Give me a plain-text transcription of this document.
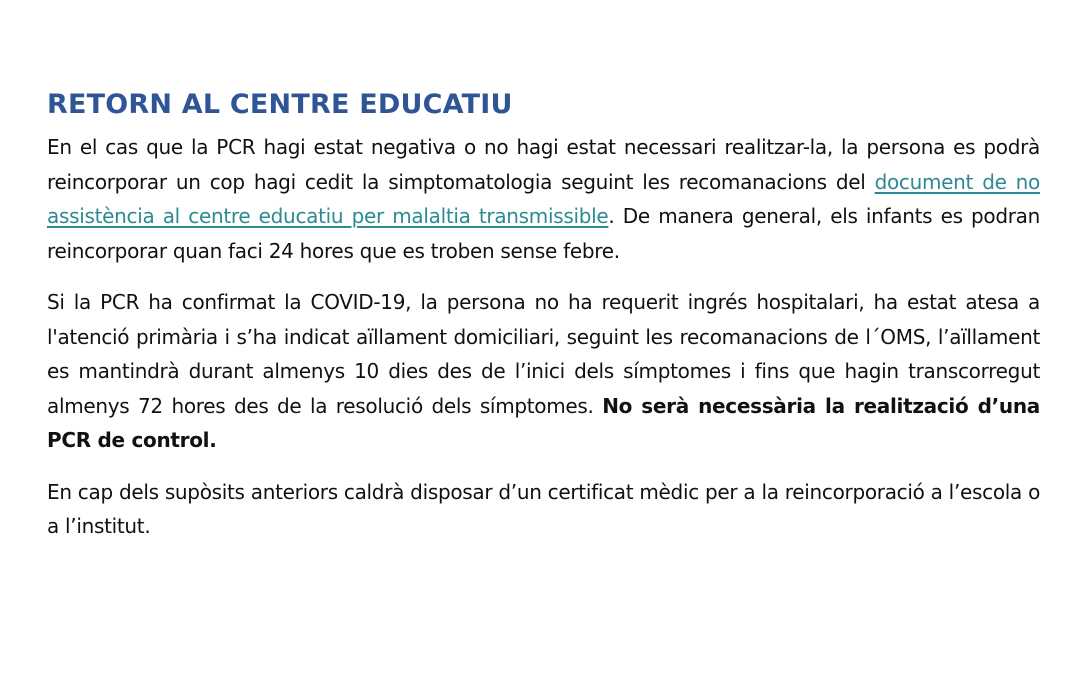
RETORN AL CENTRE EDUCATIU

En el cas que la PCR hagi estat negativa o no hagi estat necessari realitzar-la, la persona es podrà reincorporar un cop hagi cedit la simptomatologia seguint les recomanacions del document de no assistència al centre educatiu per malaltia transmissible. De manera general, els infants es podran reincorporar quan faci 24 hores que es troben sense febre.

Si la PCR ha confirmat la COVID-19, la persona no ha requerit ingrés hospitalari, ha estat atesa a l'atenció primària i s’ha indicat aïllament domiciliari, seguint les recomanacions de l´OMS, l’aïllament es mantindrà durant almenys 10 dies des de l’inici dels símptomes i fins que hagin transcorregut almenys 72 hores des de la resolució dels símptomes. No serà necessària la realització d’una PCR de control.

En cap dels supòsits anteriors caldrà disposar d’un certificat mèdic per a la reincorporació a l’escola o a l’institut.
